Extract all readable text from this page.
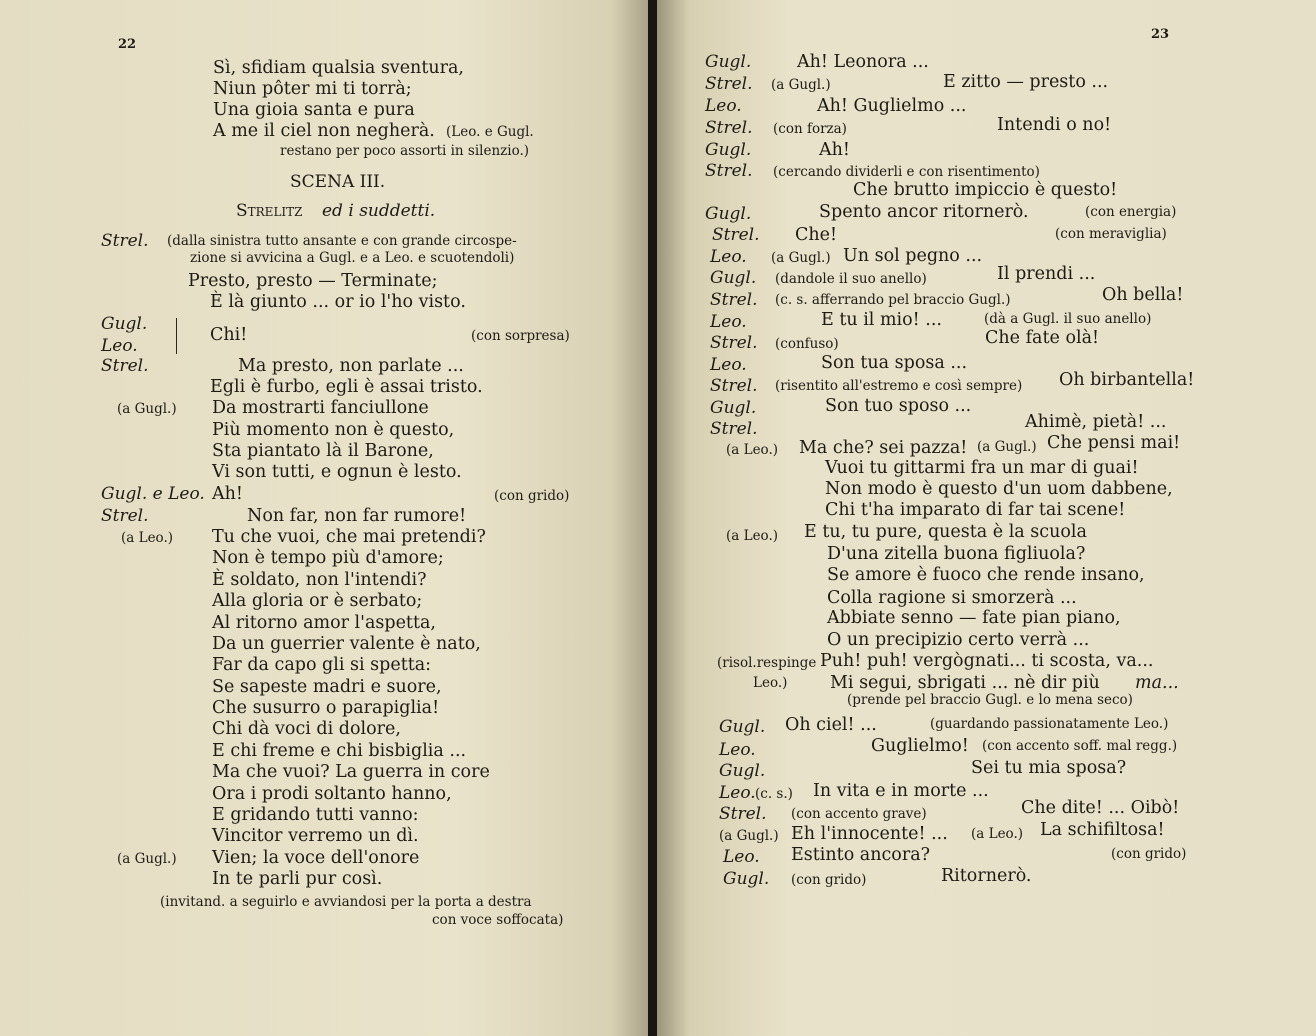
22
Sì, sfidiam qualsia sventura,
Niun pôter mi ti torrà;
Una gioia santa e pura
A me il ciel non negherà. (Leo. e Gugl.
restano per poco assorti in silenzio.)
SCENA III.
Strelitz ed i suddetti.
Strel. (dalla sinistra tutto ansante e con grande circospe-
zione si avvicina a Gugl. e a Leo. e scuotendoli)
Presto, presto — Terminate;
È là giunto ... or io l'ho visto.
Gugl.
Leo.
Chi!	(con sorpresa)
Strel.	Ma presto, non parlate ...
Egli è furbo, egli è assai tristo.
(a Gugl.) Da mostrarti fanciullone
Più momento non è questo,
Sta piantato là il Barone,
Vi son tutti, e ognun è lesto.
Gugl. e Leo. Ah!	(con grido)
Strel.	Non far, non far rumore!
(a Leo.) Tu che vuoi, che mai pretendi?
Non è tempo più d'amore;
È soldato, non l'intendi?
Alla gloria or è serbato;
Al ritorno amor l'aspetta,
Da un guerrier valente è nato,
Far da capo gli si spetta:
Se sapeste madri e suore,
Che susurro o parapiglia!
Chi dà voci di dolore,
E chi freme e chi bisbiglia ...
Ma che vuoi? La guerra in core
Ora i prodi soltanto hanno,
E gridando tutti vanno:
Vincitor verremo un dì.
(a Gugl.) Vien; la voce dell'onore
In te parli pur così.
(invitand. a seguirlo e avviandosi per la porta a destra
con voce soffocata)
23
Gugl.	Ah! Leonora ...
Strel. (a Gugl.)	E zitto — presto ...
Leo.	Ah! Guglielmo ...
Strel. (con forza)	Intendi o no!
Gugl.	Ah!
Strel. (cercando dividerli e con risentimento)
Che brutto impiccio è questo!
Gugl.	Spento ancor ritornerò.	(con energia)
Strel. Che!	(con meraviglia)
Leo. (a Gugl.) Un sol pegno ...
Gugl. (dandole il suo anello)	Il prendi ...
Strel. (c. s. afferrando pel braccio Gugl.)	Oh bella!
Leo.	E tu il mio! ...	(dà a Gugl. il suo anello)
Strel. (confuso)	Che fate olà!
Leo.	Son tua sposa ...
Strel. (risentito all'estremo e così sempre) Oh birbantella!
Gugl.	Son tuo sposo ...
Strel.	Ahimè, pietà! ...
(a Leo.) Ma che? sei pazza! (a Gugl.) Che pensi mai!
Vuoi tu gittarmi fra un mar di guai!
Non modo è questo d'un uom dabbene,
Chi t'ha imparato di far tai scene!
(a Leo.) E tu, tu pure, questa è la scuola
D'una zitella buona figliuola?
Se amore è fuoco che rende insano,
Colla ragione si smorzerà ...
Abbiate senno — fate pian piano,
O un precipizio certo verrà ...
(risol.respinge
Leo.)
Puh! puh! vergògnati... ti scosta, va...
Mi segui, sbrigati ... nè dir più ma...
(prende pel braccio Gugl. e lo mena seco)
Gugl. Oh ciel! ...	(guardando passionatamente Leo.)
Leo.	Guglielmo! (con accento soff. mal regg.)
Gugl.	Sei tu mia sposa?
Leo. (c. s.) In vita e in morte ...
Strel. (con accento grave)	Che dite! ... Oibò!
(a Gugl.) Eh l'innocente! ... (a Leo.) La schifiltosa!
Leo. Estinto ancora?	(con grido)
Gugl. (con grido)	Ritornerò.
